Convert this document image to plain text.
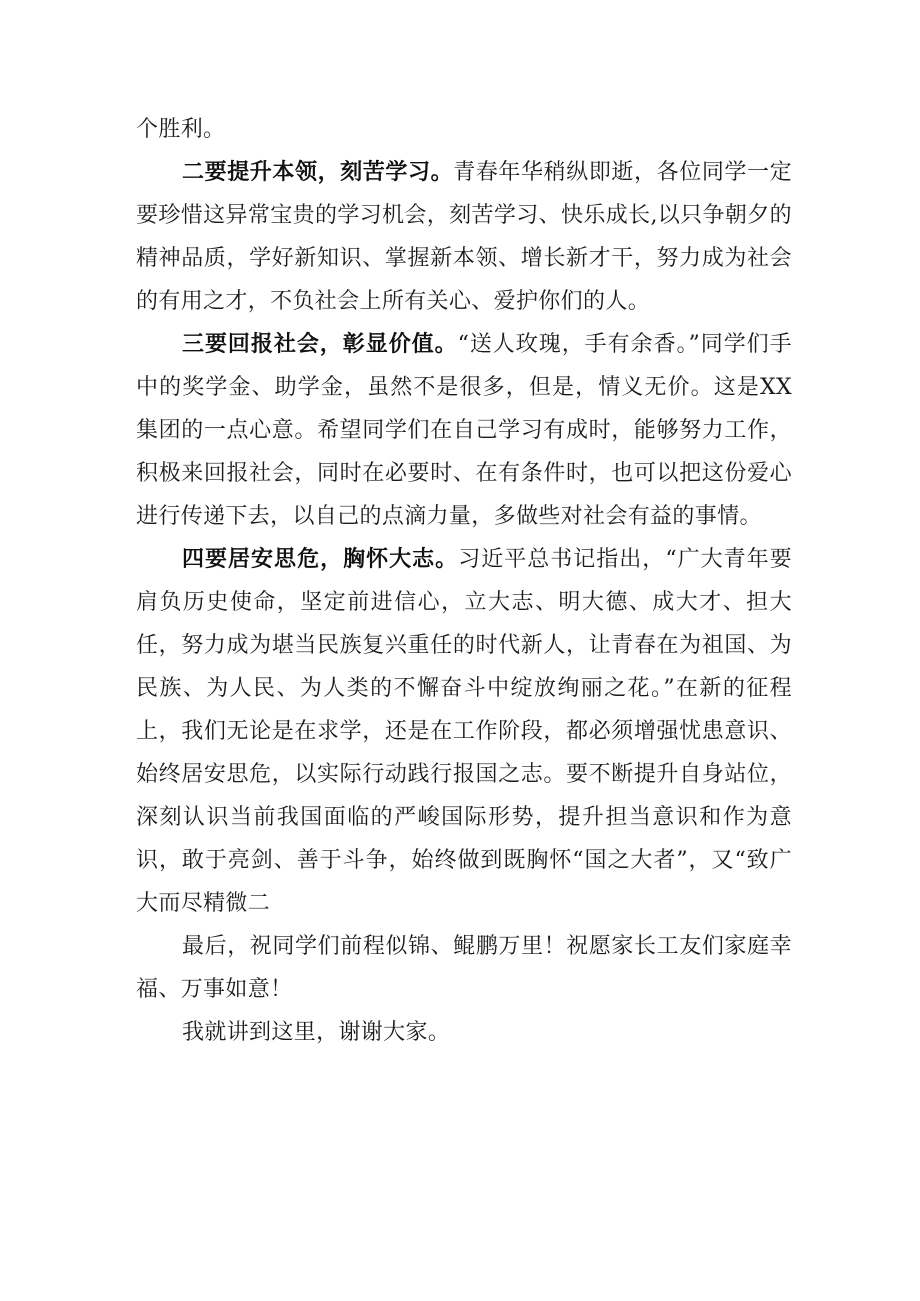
个胜利。

二要提升本领，刻苦学习。青春年华稍纵即逝，各位同学一定要珍惜这异常宝贵的学习机会，刻苦学习、快乐成长,以只争朝夕的精神品质，学好新知识、掌握新本领、增长新才干，努力成为社会的有用之才，不负社会上所有关心、爱护你们的人。

三要回报社会，彰显价值。“送人玫瑰，手有余香。”同学们手中的奖学金、助学金，虽然不是很多，但是，情义无价。这是XX集团的一点心意。希望同学们在自己学习有成时，能够努力工作，积极来回报社会，同时在必要时、在有条件时，也可以把这份爱心进行传递下去，以自己的点滴力量，多做些对社会有益的事情。

四要居安思危，胸怀大志。习近平总书记指出，“广大青年要肩负历史使命，坚定前进信心，立大志、明大德、成大才、担大任，努力成为堪当民族复兴重任的时代新人，让青春在为祖国、为民族、为人民、为人类的不懈奋斗中绽放绚丽之花。”在新的征程上，我们无论是在求学，还是在工作阶段，都必须增强忧患意识、始终居安思危，以实际行动践行报国之志。要不断提升自身站位，深刻认识当前我国面临的严峻国际形势，提升担当意识和作为意识，敢于亮剑、善于斗争，始终做到既胸怀“国之大者”，又“致广大而尽精微二

最后，祝同学们前程似锦、鲲鹏万里！祝愿家长工友们家庭幸福、万事如意！

我就讲到这里，谢谢大家。
